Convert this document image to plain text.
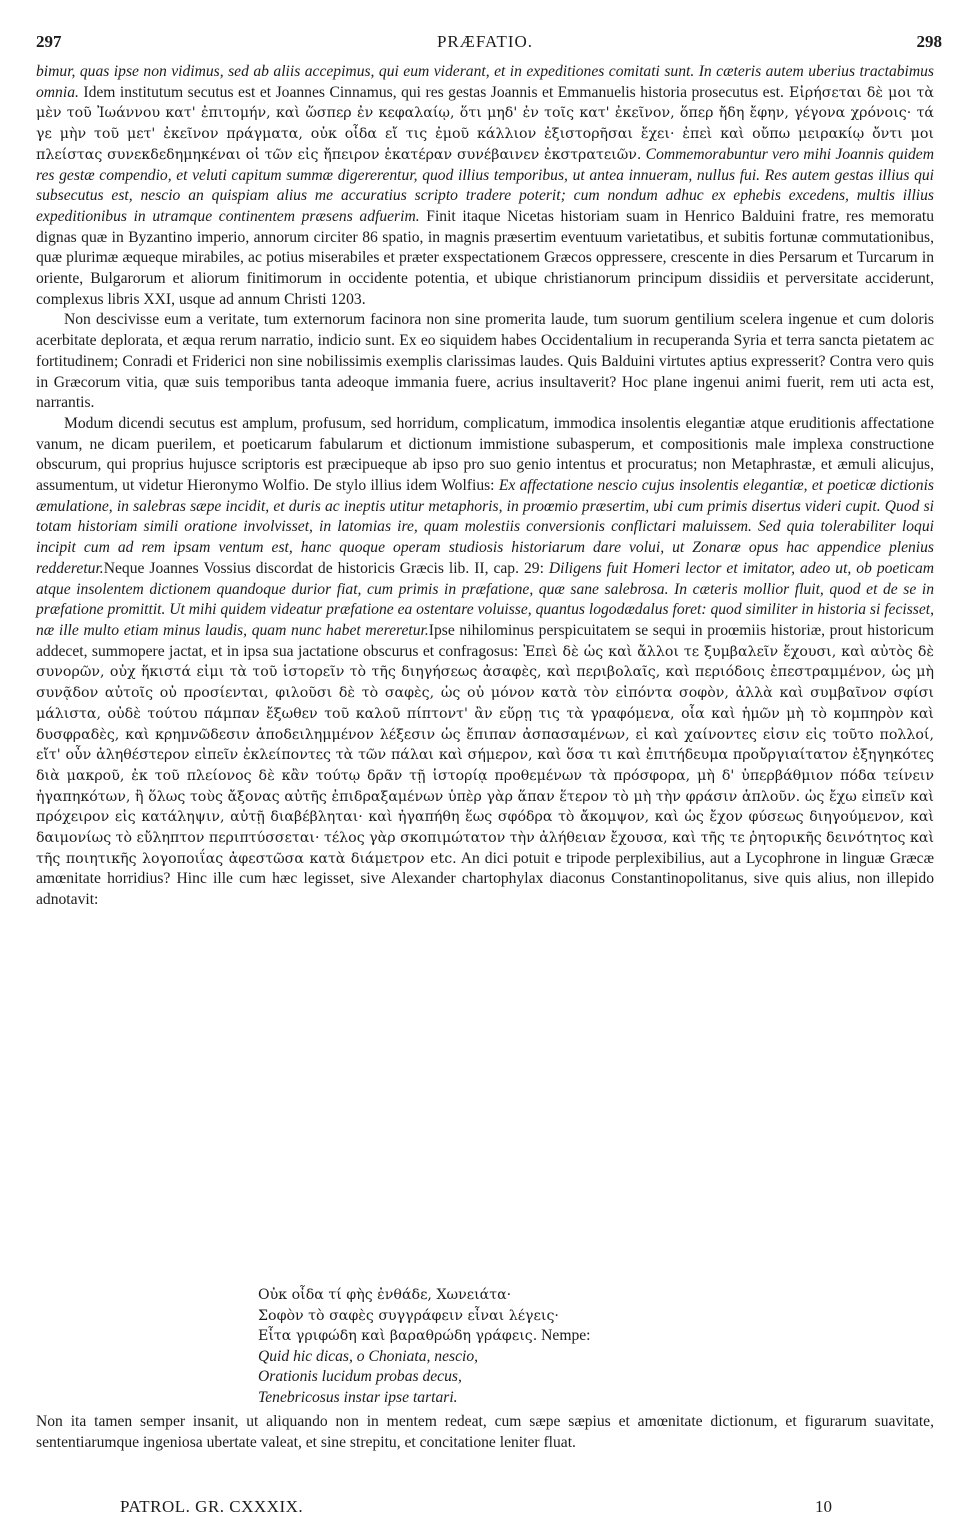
297	PRÆFATIO.	298

bimur, quas ipse non vidimus, sed ab aliis accepimus, qui eum viderant, et in expeditiones comitati sunt. In cæteris autem uberius tractabimus omnia. Idem institutum secutus est et Joannes Cinnamus, qui res gestas Joannis et Emmanuelis historia prosecutus est. Εἰρήσεται δὲ μοι τὰ μὲν τοῦ Ἰωάννου κατ' ἐπιτομήν, καὶ ὥσπερ ἐν κεφαλαίῳ, ὅτι μηδ' ἐν τοῖς κατ' ἐκεῖνον, ὅπερ ἤδη ἔφην, γέγονα χρόνοις· τά γε μὴν τοῦ μετ' ἐκεῖνον πράγματα, οὐκ οἶδα εἴ τις ἐμοῦ κάλλιον ἐξιστορῆσαι ἔχει· ἐπεὶ καὶ οὔπω μειρακίῳ ὄντι μοι πλείστας συνεκδεδημηκέναι οἱ τῶν εἰς ἤπειρον ἑκατέραν συνέβαινεν ἐκστρατειῶν. Commemorabuntur vero mihi Joannis quidem res gestæ compendio, et veluti capitum summæ digererentur, quod illius temporibus, ut antea innueram, nullus fui. Res autem gestas illius qui subsecutus est, nescio an quispiam alius me accuratius scripto tradere poterit; cum nondum adhuc ex ephebis excedens, multis illius expeditionibus in utramque continentem præsens adfuerim. Finit itaque Nicetas historiam suam in Henrico Balduini fratre, res memoratu dignas quæ in Byzantino imperio, annorum circiter 86 spatio, in magnis præsertim eventuum varietatibus, et subitis fortunæ commutationibus, quæ plurimæ æqueque mirabiles, ac potius miserabiles et præter exspectationem Græcos oppressere, crescente in dies Persarum et Turcarum in oriente, Bulgarorum et aliorum finitimorum in occidente potentia, et ubique christianorum principum dissidiis et perversitate acciderunt, complexus libris XXI, usque ad annum Christi 1203.

Non descivisse eum a veritate, tum externorum facinora non sine promerita laude, tum suorum gentilium scelera ingenue et cum doloris acerbitate deplorata, et æqua rerum narratio, indicio sunt. Ex eo siquidem habes Occidentalium in recuperanda Syria et terra sancta pietatem ac fortitudinem; Conradi et Friderici non sine nobilissimis exemplis clarissimas laudes. Quis Balduini virtutes aptius expresserit? Contra vero quis in Græcorum vitia, quæ suis temporibus tanta adeoque immania fuere, acrius insultaverit? Hoc plane ingenui animi fuerit, rem uti acta est, narrantis.

Modum dicendi secutus est amplum, profusum, sed horridum, complicatum, immodica insolentis elegantiæ atque eruditionis affectatione vanum, ne dicam puerilem, et poeticarum fabularum et dictionum immistione subasperum, et compositionis male implexa constructione obscurum, qui proprius hujusce scriptoris est præcipueque ab ipso pro suo genio intentus et procuratus; non Metaphrastæ, et æmuli alicujus, assumentum, ut videtur Hieronymo Wolfio. De stylo illius idem Wolfius: Ex affectatione nescio cujus insolentis elegantiæ, et poeticæ dictionis æmulatione, in salebras sæpe incidit, et duris ac ineptis utitur metaphoris, in proœmio præsertim, ubi cum primis disertus videri cupit. Quod si totam historiam simili oratione involvisset, in latomias ire, quam molestiis conversionis conflictari maluissem. Sed quia tolerabiliter loqui incipit cum ad rem ipsam ventum est, hanc quoque operam studiosis historiarum dare volui, ut Zonaræ opus hac appendice plenius redderetur.Neque Joannes Vossius discordat de historicis Græcis lib. II, cap. 29: Diligens fuit Homeri lector et imitator, adeo ut, ob poeticam atque insolentem dictionem quandoque durior fiat, cum primis in præfatione, quæ sane salebrosa. In cæteris mollior fluit, quod et de se in præfatione promittit. Ut mihi quidem videatur præfatione ea ostentare voluisse, quantus logodædalus foret: quod similiter in historia si fecisset, næ ille multo etiam minus laudis, quam nunc habet mereretur.Ipse nihilominus perspicuitatem se sequi in proœmiis historiæ, prout historicum addecet, summopere jactat, et in ipsa sua jactatione obscurus et confragosus: Ἐπεὶ δὲ ὡς καὶ ἄλλοι τε ξυμβαλεῖν ἔχουσι, καὶ αὐτὸς δὲ συνορῶν, οὐχ ἥκιστά εἰμι τὰ τοῦ ἱστορεῖν τὸ τῆς διηγήσεως ἀσαφὲς, καὶ περιβολαῖς, καὶ περιόδοις ἐπεστραμμένον, ὡς μὴ συνᾷδον αὐτοῖς οὐ προσίενται, φιλοῦσι δὲ τὸ σαφὲς, ὡς οὐ μόνον κατὰ τὸν εἰπόντα σοφὸν, ἀλλὰ καὶ συμβαῖνον σφίσι μάλιστα, οὐδὲ τούτου πάμπαν ἔξωθεν τοῦ καλοῦ πίπτοντ' ἂν εὕρῃ τις τὰ γραφόμενα, οἷα καὶ ἡμῶν μὴ τὸ κομπηρὸν καὶ δυσφραδὲς, καὶ κρημνῶδεσιν ἀποδειλημμένον λέξεσιν ὡς ἔπιπαν ἀσπασαμένων, εἰ καὶ χαίνοντες εἰσιν εἰς τοῦτο πολλοί, εἴτ' οὖν ἀληθέστερον εἰπεῖν ἐκλείποντες τὰ τῶν πάλαι καὶ σήμερον, καὶ ὅσα τι καὶ ἐπιτήδευμα προὔργιαίτατον ἐξηγηκότες διὰ μακροῦ, ἐκ τοῦ πλείονος δὲ κἂν τούτῳ δρᾶν τῇ ἱστορίᾳ προθεμένων τὰ πρόσφορα, μὴ δ' ὑπερβάθμιον πόδα τείνειν ἠγαπηκότων, ἢ ὅλως τοὺς ἄξονας αὐτῆς ἐπιδραξαμένων ὑπὲρ γὰρ ἅπαν ἕτερον τὸ μὴ τὴν φράσιν ἁπλοῦν. ὡς ἔχω εἰπεῖν καὶ πρόχειρον εἰς κατάληψιν, αὐτῇ διαβέβληται· καὶ ἠγαπήθη ἕως σφόδρα τὸ ἄκομψον, καὶ ὡς ἔχον φύσεως διηγούμενον, καὶ δαιμονίως τὸ εὔληπτον περιπτύσσεται· τέλος γὰρ σκοπιμώτατον τὴν ἀλήθειαν ἔχουσα, καὶ τῆς τε ῥητορικῆς δεινότητος καὶ τῆς ποιητικῆς λογοποιΐας ἀφεστῶσα κατὰ διάμετρον etc. An dici potuit e tripode perplexibilius, aut a Lycophrone in linguæ Græcæ amœnitate horridius? Hinc ille cum hæc legisset, sive Alexander chartophylax diaconus Constantinopolitanus, sive quis alius, non illepido adnotavit:

Οὐκ οἶδα τί φὴς ἐνθάδε, Χωνειάτα·
Σοφὸν τὸ σαφὲς συγγράφειν εἶναι λέγεις·
Εἶτα γριφώδη καὶ βαραθρώδη γράφεις. Nempe:
Quid hic dicas, o Choniata, nescio,
Orationis lucidum probas decus,
Tenebricosus instar ipse tartari.

Non ita tamen semper insanit, ut aliquando non in mentem redeat, cum sæpe sæpius et amœnitate dictionum, et figurarum suavitate, sententiarumque ingeniosa ubertate valeat, et sine strepitu, et concitatione leniter fluat.

PATROL. GR. CXXXIX.	10
